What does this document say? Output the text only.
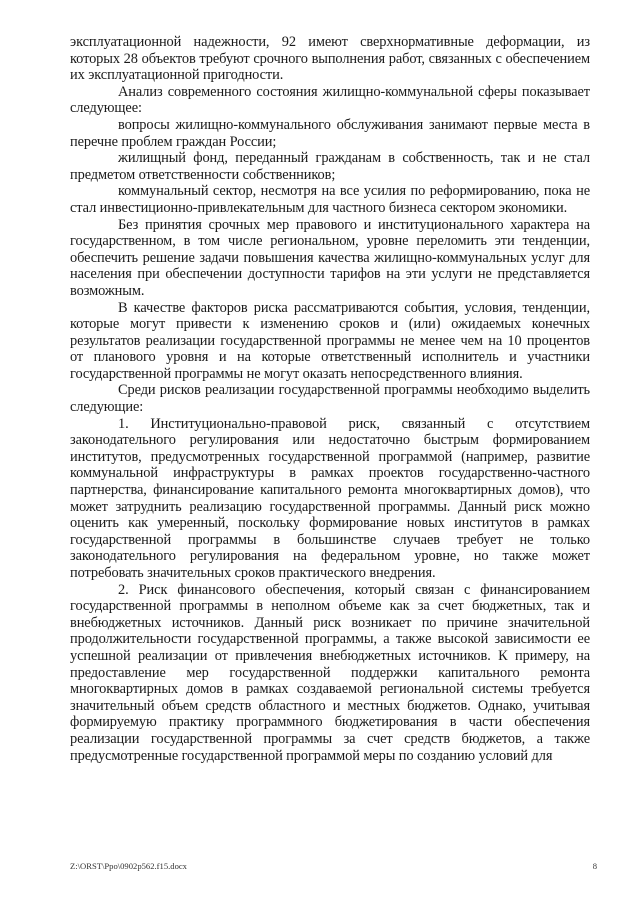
эксплуатационной надежности, 92 имеют сверхнормативные деформации, из которых 28 объектов требуют срочного выполнения работ, связанных с обеспечением их эксплуатационной пригодности.

Анализ современного состояния жилищно-коммунальной сферы показывает следующее:

вопросы жилищно-коммунального обслуживания занимают первые места в перечне проблем граждан России;

жилищный фонд, переданный гражданам в собственность, так и не стал предметом ответственности собственников;

коммунальный сектор, несмотря на все усилия по реформированию, пока не стал инвестиционно-привлекательным для частного бизнеса сектором экономики.

Без принятия срочных мер правового и институционального характера на государственном, в том числе региональном, уровне переломить эти тенденции, обеспечить решение задачи повышения качества жилищно-коммунальных услуг для населения при обеспечении доступности тарифов на эти услуги не представляется возможным.

В качестве факторов риска рассматриваются события, условия, тенденции, которые могут привести к изменению сроков и (или) ожидаемых конечных результатов реализации государственной программы не менее чем на 10 процентов от планового уровня и на которые ответственный исполнитель и участники государственной программы не могут оказать непосредственного влияния.

Среди рисков реализации государственной программы необходимо выделить следующие:

1. Институционально-правовой риск, связанный с отсутствием законодательного регулирования или недостаточно быстрым формированием институтов, предусмотренных государственной программой (например, развитие коммунальной инфраструктуры в рамках проектов государственно-частного партнерства, финансирование капитального ремонта многоквартирных домов), что может затруднить реализацию государственной программы. Данный риск можно оценить как умеренный, поскольку формирование новых институтов в рамках государственной программы в большинстве случаев требует не только законодательного регулирования на федеральном уровне, но также может потребовать значительных сроков практического внедрения.

2. Риск финансового обеспечения, который связан с финансированием государственной программы в неполном объеме как за счет бюджетных, так и внебюджетных источников. Данный риск возникает по причине значительной продолжительности государственной программы, а также высокой зависимости ее успешной реализации от привлечения внебюджетных источников. К примеру, на предоставление мер государственной поддержки капитального ремонта многоквартирных домов в рамках создаваемой региональной системы требуется значительный объем средств областного и местных бюджетов. Однако, учитывая формируемую практику программного бюджетирования в части обеспечения реализации государственной программы за счет средств бюджетов, а также предусмотренные государственной программой меры по созданию условий для

Z:\ORST\Ppo\0902p562.f15.docx	8
